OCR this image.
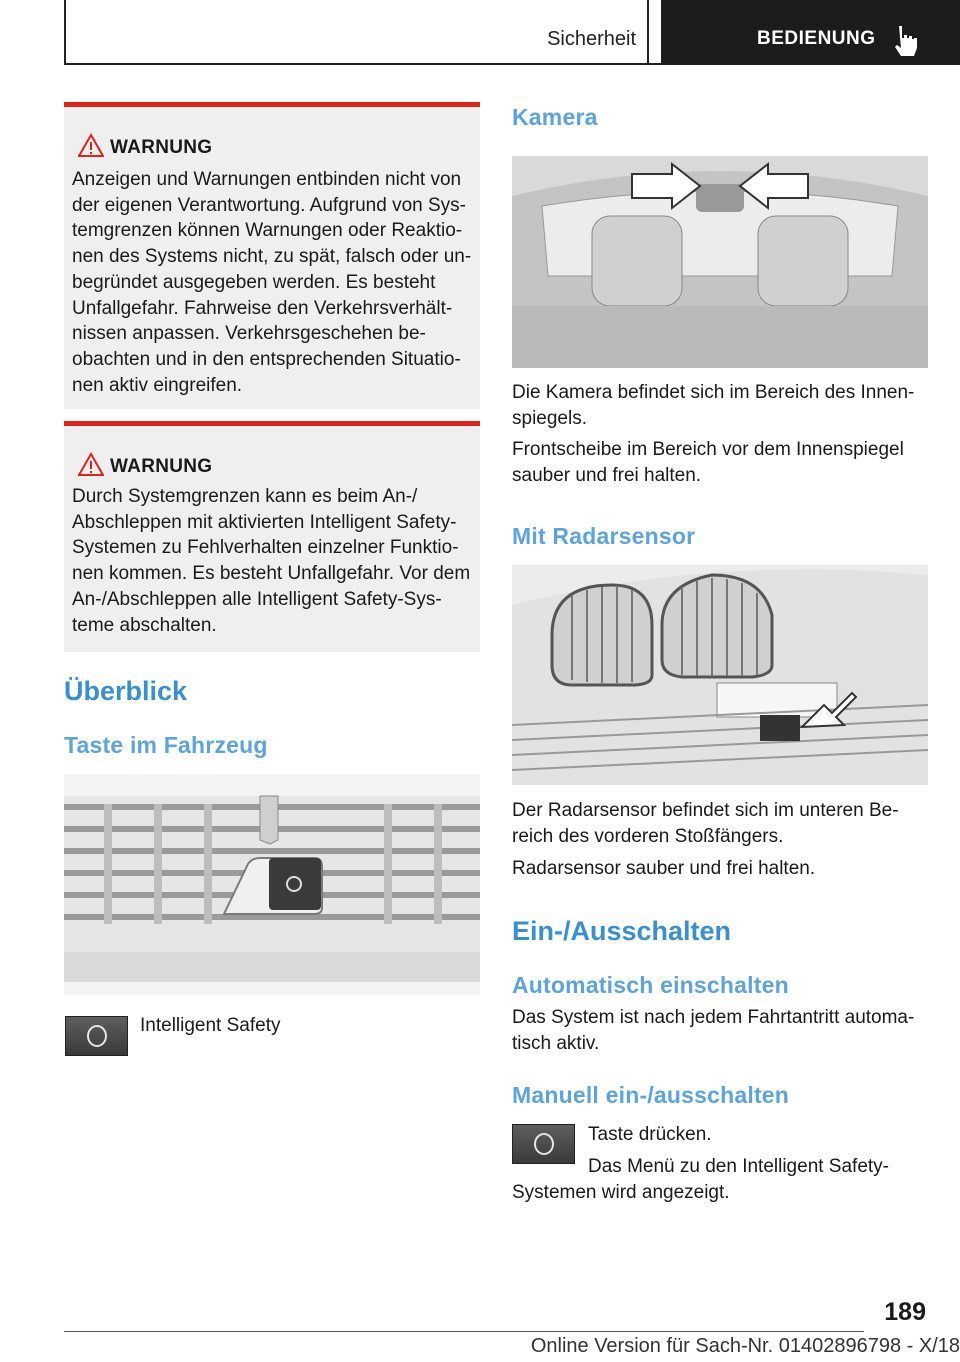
Sicherheit	BEDIENUNG
WARNUNG
Anzeigen und Warnungen entbinden nicht von
der eigenen Verantwortung. Aufgrund von Sys-
temgrenzen können Warnungen oder Reaktio-
nen des Systems nicht, zu spät, falsch oder un-
begründet ausgegeben werden. Es besteht
Unfallgefahr. Fahrweise den Verkehrsverhält-
nissen anpassen. Verkehrsgeschehen be-
obachten und in den entsprechenden Situatio-
nen aktiv eingreifen.
WARNUNG
Durch Systemgrenzen kann es beim An-/
Abschleppen mit aktivierten Intelligent Safety-
Systemen zu Fehlverhalten einzelner Funktio-
nen kommen. Es besteht Unfallgefahr. Vor dem
An-/Abschleppen alle Intelligent Safety-Sys-
teme abschalten.
Überblick
Taste im Fahrzeug
Intelligent Safety
Kamera
Die Kamera befindet sich im Bereich des Innen-
spiegels.
Frontscheibe im Bereich vor dem Innenspiegel
sauber und frei halten.
Mit Radarsensor
Der Radarsensor befindet sich im unteren Be-
reich des vorderen Stoßfängers.
Radarsensor sauber und frei halten.
Ein-/Ausschalten
Automatisch einschalten
Das System ist nach jedem Fahrtantritt automa-
tisch aktiv.
Manuell ein-/ausschalten
Taste drücken.
Das Menü zu den Intelligent Safety-
Systemen wird angezeigt.
189
Online Version für Sach-Nr. 01402896798 - X/18
